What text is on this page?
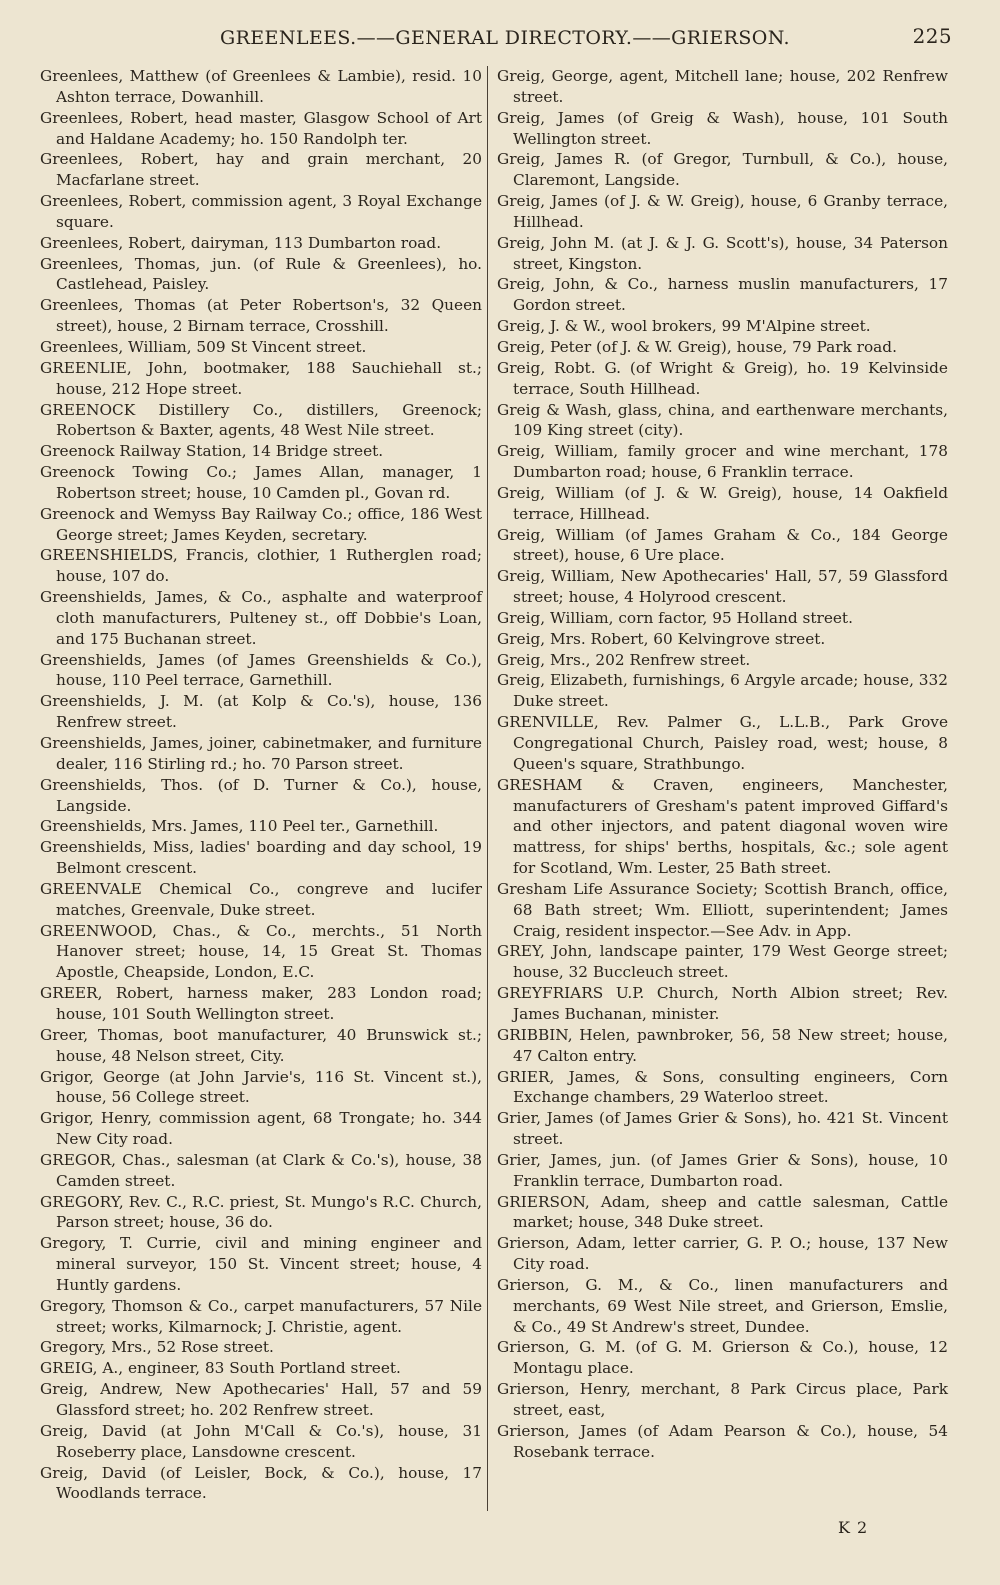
GREENLEES.——GENERAL DIRECTORY.——GRIERSON.	225
Greenlees, Matthew (of Greenlees & Lambie), resid. 10 Ashton terrace, Dowanhill.
Greenlees, Robert, head master, Glasgow School of Art and Haldane Academy; ho. 150 Randolph ter.
Greenlees, Robert, hay and grain merchant, 20 Macfarlane street.
Greenlees, Robert, commission agent, 3 Royal Exchange square.
Greenlees, Robert, dairyman, 113 Dumbarton road.
Greenlees, Thomas, jun. (of Rule & Greenlees), ho. Castlehead, Paisley.
Greenlees, Thomas (at Peter Robertson's, 32 Queen street), house, 2 Birnam terrace, Crosshill.
Greenlees, William, 509 St Vincent street.
GREENLIE, John, bootmaker, 188 Sauchiehall st.; house, 212 Hope street.
GREENOCK Distillery Co., distillers, Greenock; Robertson & Baxter, agents, 48 West Nile street.
Greenock Railway Station, 14 Bridge street.
Greenock Towing Co.; James Allan, manager, 1 Robertson street; house, 10 Camden pl., Govan rd.
Greenock and Wemyss Bay Railway Co.; office, 186 West George street; James Keyden, secretary.
GREENSHIELDS, Francis, clothier, 1 Rutherglen road; house, 107 do.
Greenshields, James, & Co., asphalte and waterproof cloth manufacturers, Pulteney st., off Dobbie's Loan, and 175 Buchanan street.
Greenshields, James (of James Greenshields & Co.), house, 110 Peel terrace, Garnethill.
Greenshields, J. M. (at Kolp & Co.'s), house, 136 Renfrew street.
Greenshields, James, joiner, cabinetmaker, and furniture dealer, 116 Stirling rd.; ho. 70 Parson street.
Greenshields, Thos. (of D. Turner & Co.), house, Langside.
Greenshields, Mrs. James, 110 Peel ter., Garnethill.
Greenshields, Miss, ladies' boarding and day school, 19 Belmont crescent.
GREENVALE Chemical Co., congreve and lucifer matches, Greenvale, Duke street.
GREENWOOD, Chas., & Co., merchts., 51 North Hanover street; house, 14, 15 Great St. Thomas Apostle, Cheapside, London, E.C.
GREER, Robert, harness maker, 283 London road; house, 101 South Wellington street.
Greer, Thomas, boot manufacturer, 40 Brunswick st.; house, 48 Nelson street, City.
Grigor, George (at John Jarvie's, 116 St. Vincent st.), house, 56 College street.
Grigor, Henry, commission agent, 68 Trongate; ho. 344 New City road.
GREGOR, Chas., salesman (at Clark & Co.'s), house, 38 Camden street.
GREGORY, Rev. C., R.C. priest, St. Mungo's R.C. Church, Parson street; house, 36 do.
Gregory, T. Currie, civil and mining engineer and mineral surveyor, 150 St. Vincent street; house, 4 Huntly gardens.
Gregory, Thomson & Co., carpet manufacturers, 57 Nile street; works, Kilmarnock; J. Christie, agent.
Gregory, Mrs., 52 Rose street.
GREIG, A., engineer, 83 South Portland street.
Greig, Andrew, New Apothecaries' Hall, 57 and 59 Glassford street; ho. 202 Renfrew street.
Greig, David (at John M'Call & Co.'s), house, 31 Roseberry place, Lansdowne crescent.
Greig, David (of Leisler, Bock, & Co.), house, 17 Woodlands terrace.
Greig, George, agent, Mitchell lane; house, 202 Renfrew street.
Greig, James (of Greig & Wash), house, 101 South Wellington street.
Greig, James R. (of Gregor, Turnbull, & Co.), house, Claremont, Langside.
Greig, James (of J. & W. Greig), house, 6 Granby terrace, Hillhead.
Greig, John M. (at J. & J. G. Scott's), house, 34 Paterson street, Kingston.
Greig, John, & Co., harness muslin manufacturers, 17 Gordon street.
Greig, J. & W., wool brokers, 99 M'Alpine street.
Greig, Peter (of J. & W. Greig), house, 79 Park road.
Greig, Robt. G. (of Wright & Greig), ho. 19 Kelvinside terrace, South Hillhead.
Greig & Wash, glass, china, and earthenware merchants, 109 King street (city).
Greig, William, family grocer and wine merchant, 178 Dumbarton road; house, 6 Franklin terrace.
Greig, William (of J. & W. Greig), house, 14 Oakfield terrace, Hillhead.
Greig, William (of James Graham & Co., 184 George street), house, 6 Ure place.
Greig, William, New Apothecaries' Hall, 57, 59 Glassford street; house, 4 Holyrood crescent.
Greig, William, corn factor, 95 Holland street.
Greig, Mrs. Robert, 60 Kelvingrove street.
Greig, Mrs., 202 Renfrew street.
Greig, Elizabeth, furnishings, 6 Argyle arcade; house, 332 Duke street.
GRENVILLE, Rev. Palmer G., L.L.B., Park Grove Congregational Church, Paisley road, west; house, 8 Queen's square, Strathbungo.
GRESHAM & Craven, engineers, Manchester, manufacturers of Gresham's patent improved Giffard's and other injectors, and patent diagonal woven wire mattress, for ships' berths, hospitals, &c.; sole agent for Scotland, Wm. Lester, 25 Bath street.
Gresham Life Assurance Society; Scottish Branch, office, 68 Bath street; Wm. Elliott, superintendent; James Craig, resident inspector.—See Adv. in App.
GREY, John, landscape painter, 179 West George street; house, 32 Buccleuch street.
GREYFRIARS U.P. Church, North Albion street; Rev. James Buchanan, minister.
GRIBBIN, Helen, pawnbroker, 56, 58 New street; house, 47 Calton entry.
GRIER, James, & Sons, consulting engineers, Corn Exchange chambers, 29 Waterloo street.
Grier, James (of James Grier & Sons), ho. 421 St. Vincent street.
Grier, James, jun. (of James Grier & Sons), house, 10 Franklin terrace, Dumbarton road.
GRIERSON, Adam, sheep and cattle salesman, Cattle market; house, 348 Duke street.
Grierson, Adam, letter carrier, G. P. O.; house, 137 New City road.
Grierson, G. M., & Co., linen manufacturers and merchants, 69 West Nile street, and Grierson, Emslie, & Co., 49 St Andrew's street, Dundee.
Grierson, G. M. (of G. M. Grierson & Co.), house, 12 Montagu place.
Grierson, Henry, merchant, 8 Park Circus place, Park street, east,
Grierson, James (of Adam Pearson & Co.), house, 54 Rosebank terrace.
K 2
